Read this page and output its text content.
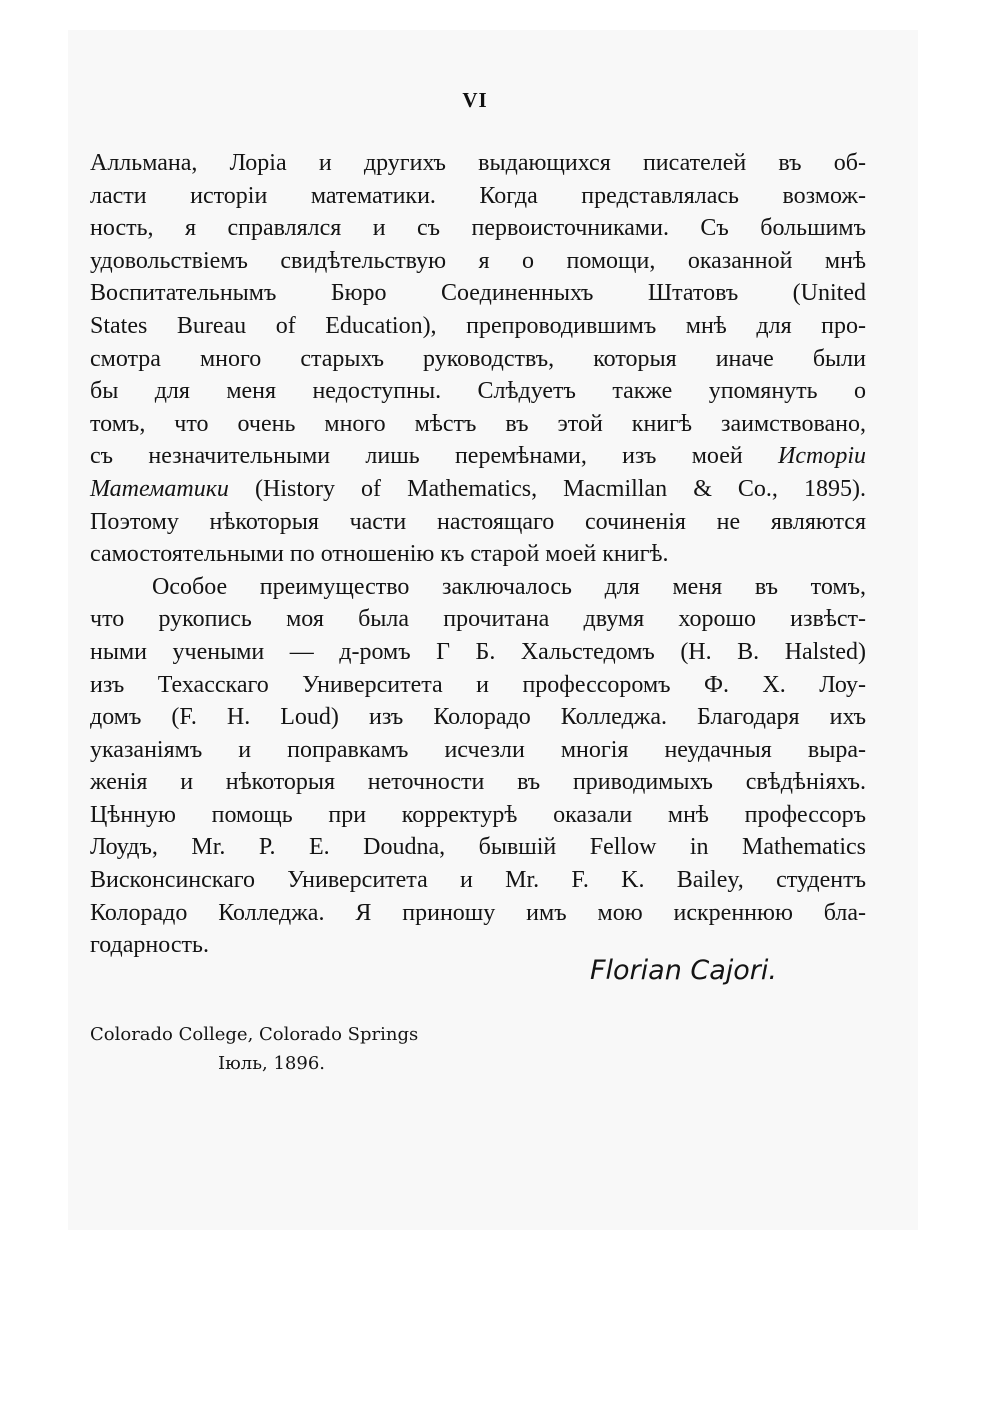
VI
Алльмана, Лоріа и другихъ выдающихся писателей въ об-
ласти исторіи математики. Когда представлялась возмож-
ность, я справлялся и съ первоисточниками. Съ большимъ
удовольствіемъ свидѣтельствую я о помощи, оказанной мнѣ
Воспитательнымъ Бюро Соединенныхъ Штатовъ (United
States Bureau of Education), препроводившимъ мнѣ для про-
смотра много старыхъ руководствъ, которыя иначе были
бы для меня недоступны. Слѣдуетъ также упомянуть о
томъ, что очень много мѣстъ въ этой книгѣ заимствовано,
съ незначительными лишь перемѣнами, изъ моей Исторіи
Математики (History of Mathematics, Macmillan & Co., 1895).
Поэтому нѣкоторыя части настоящаго сочиненія не являются
самостоятельными по отношенію къ старой моей книгѣ.
Особое преимущество заключалось для меня въ томъ,
что рукопись моя была прочитана двумя хорошо извѣст-
ными учеными — д-ромъ Г Б. Хальстедомъ (H. B. Halsted)
изъ Техасскаго Университета и профессоромъ Ф. Х. Лоу-
домъ (F. H. Loud) изъ Колорадо Колледжа. Благодаря ихъ
указаніямъ и поправкамъ исчезли многія неудачныя выра-
женія и нѣкоторыя неточности въ приводимыхъ свѣдѣніяхъ.
Цѣнную помощь при корректурѣ оказали мнѣ профессоръ
Лоудъ, Mr. P. E. Doudna, бывшій Fellow in Mathematics
Висконсинскаго Университета и Mr. F. K. Bailey, студентъ
Колорадо Колледжа. Я приношу имъ мою искреннюю бла-
годарность.
Florian Cajori.
Colorado College, Colorado Springs
Іюль, 1896.
